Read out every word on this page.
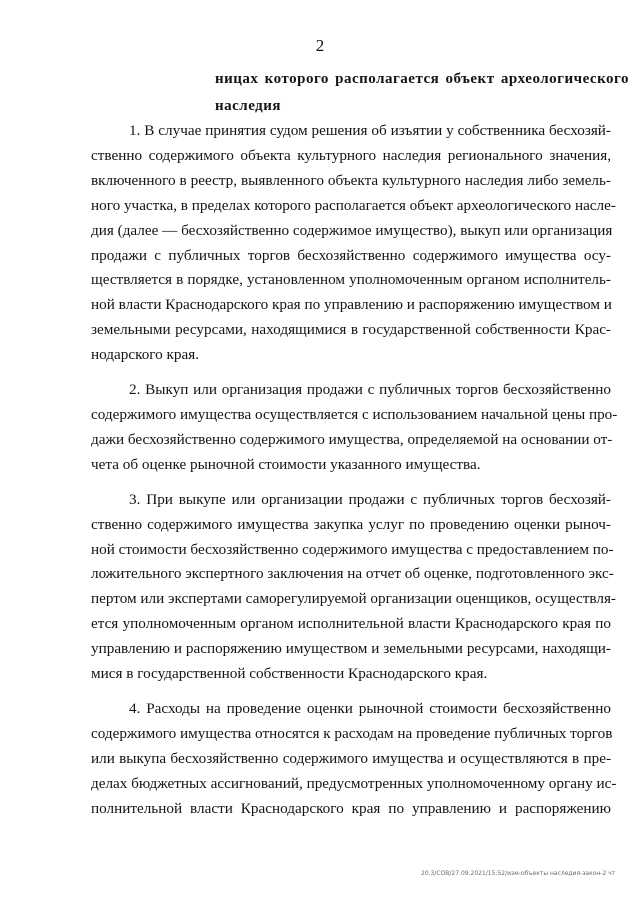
2
ницах которого располагается объект археологического
наследия
1. В случае принятия судом решения об изъятии у собственника бесхозяй-
ственно содержимого объекта культурного наследия регионального значения,
включенного в реестр, выявленного объекта культурного наследия либо земель-
ного участка, в пределах которого располагается объект археологического насле-
дия (далее — бесхозяйственно содержимое имущество), выкуп или организация
продажи с публичных торгов бесхозяйственно содержимого имущества осу-
ществляется в порядке, установленном уполномоченным органом исполнитель-
ной власти Краснодарского края по управлению и распоряжению имуществом и
земельными ресурсами, находящимися в государственной собственности Крас-
нодарского края.
2. Выкуп или организация продажи с публичных торгов бесхозяйственно
содержимого имущества осуществляется с использованием начальной цены про-
дажи бесхозяйственно содержимого имущества, определяемой на основании от-
чета об оценке рыночной стоимости указанного имущества.
3. При выкупе или организации продажи с публичных торгов бесхозяй-
ственно содержимого имущества закупка услуг по проведению оценки рыноч-
ной стоимости бесхозяйственно содержимого имущества с предоставлением по-
ложительного экспертного заключения на отчет об оценке, подготовленного экс-
пертом или экспертами саморегулируемой организации оценщиков, осуществля-
ется уполномоченным органом исполнительной власти Краснодарского края по
управлению и распоряжению имуществом и земельными ресурсами, находящи-
мися в государственной собственности Краснодарского края.
4. Расходы на проведение оценки рыночной стоимости бесхозяйственно
содержимого имущества относятся к расходам на проведение публичных торгов
или выкупа бесхозяйственно содержимого имущества и осуществляются в пре-
делах бюджетных ассигнований, предусмотренных уполномоченному органу ис-
полнительной власти Краснодарского края по управлению и распоряжению
20.3/СОВ/27.09.2021/15:52/изм-объекты наследия-закон-2 чт
